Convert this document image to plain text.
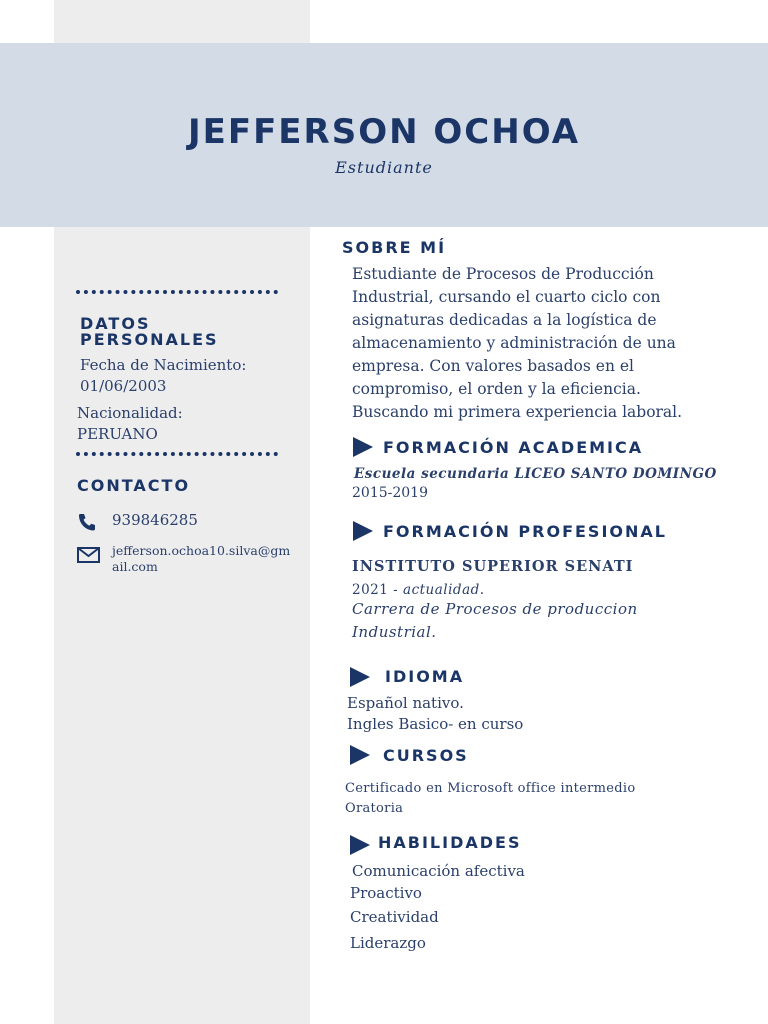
JEFFERSON OCHOA
Estudiante
DATOS
PERSONALES
Fecha de Nacimiento:
01/06/2003
Nacionalidad:
PERUANO
CONTACTO
939846285
jefferson.ochoa10.silva@gm
ail.com
SOBRE MÍ
Estudiante de Procesos de Producción
Industrial, cursando el cuarto ciclo con
asignaturas dedicadas a la logística de
almacenamiento y administración de una
empresa. Con valores basados en el
compromiso, el orden y la eficiencia.
Buscando mi primera experiencia laboral.
FORMACIÓN ACADEMICA
Escuela secundaria LICEO SANTO DOMINGO
2015-2019
FORMACIÓN PROFESIONAL
INSTITUTO SUPERIOR SENATI
2021 - actualidad.
Carrera de Procesos de produccion
Industrial.
IDIOMA
Español nativo.
Ingles Basico- en curso
CURSOS
Certificado en Microsoft office intermedio
Oratoria
HABILIDADES
Comunicación afectiva
Proactivo
Creatividad
Liderazgo
